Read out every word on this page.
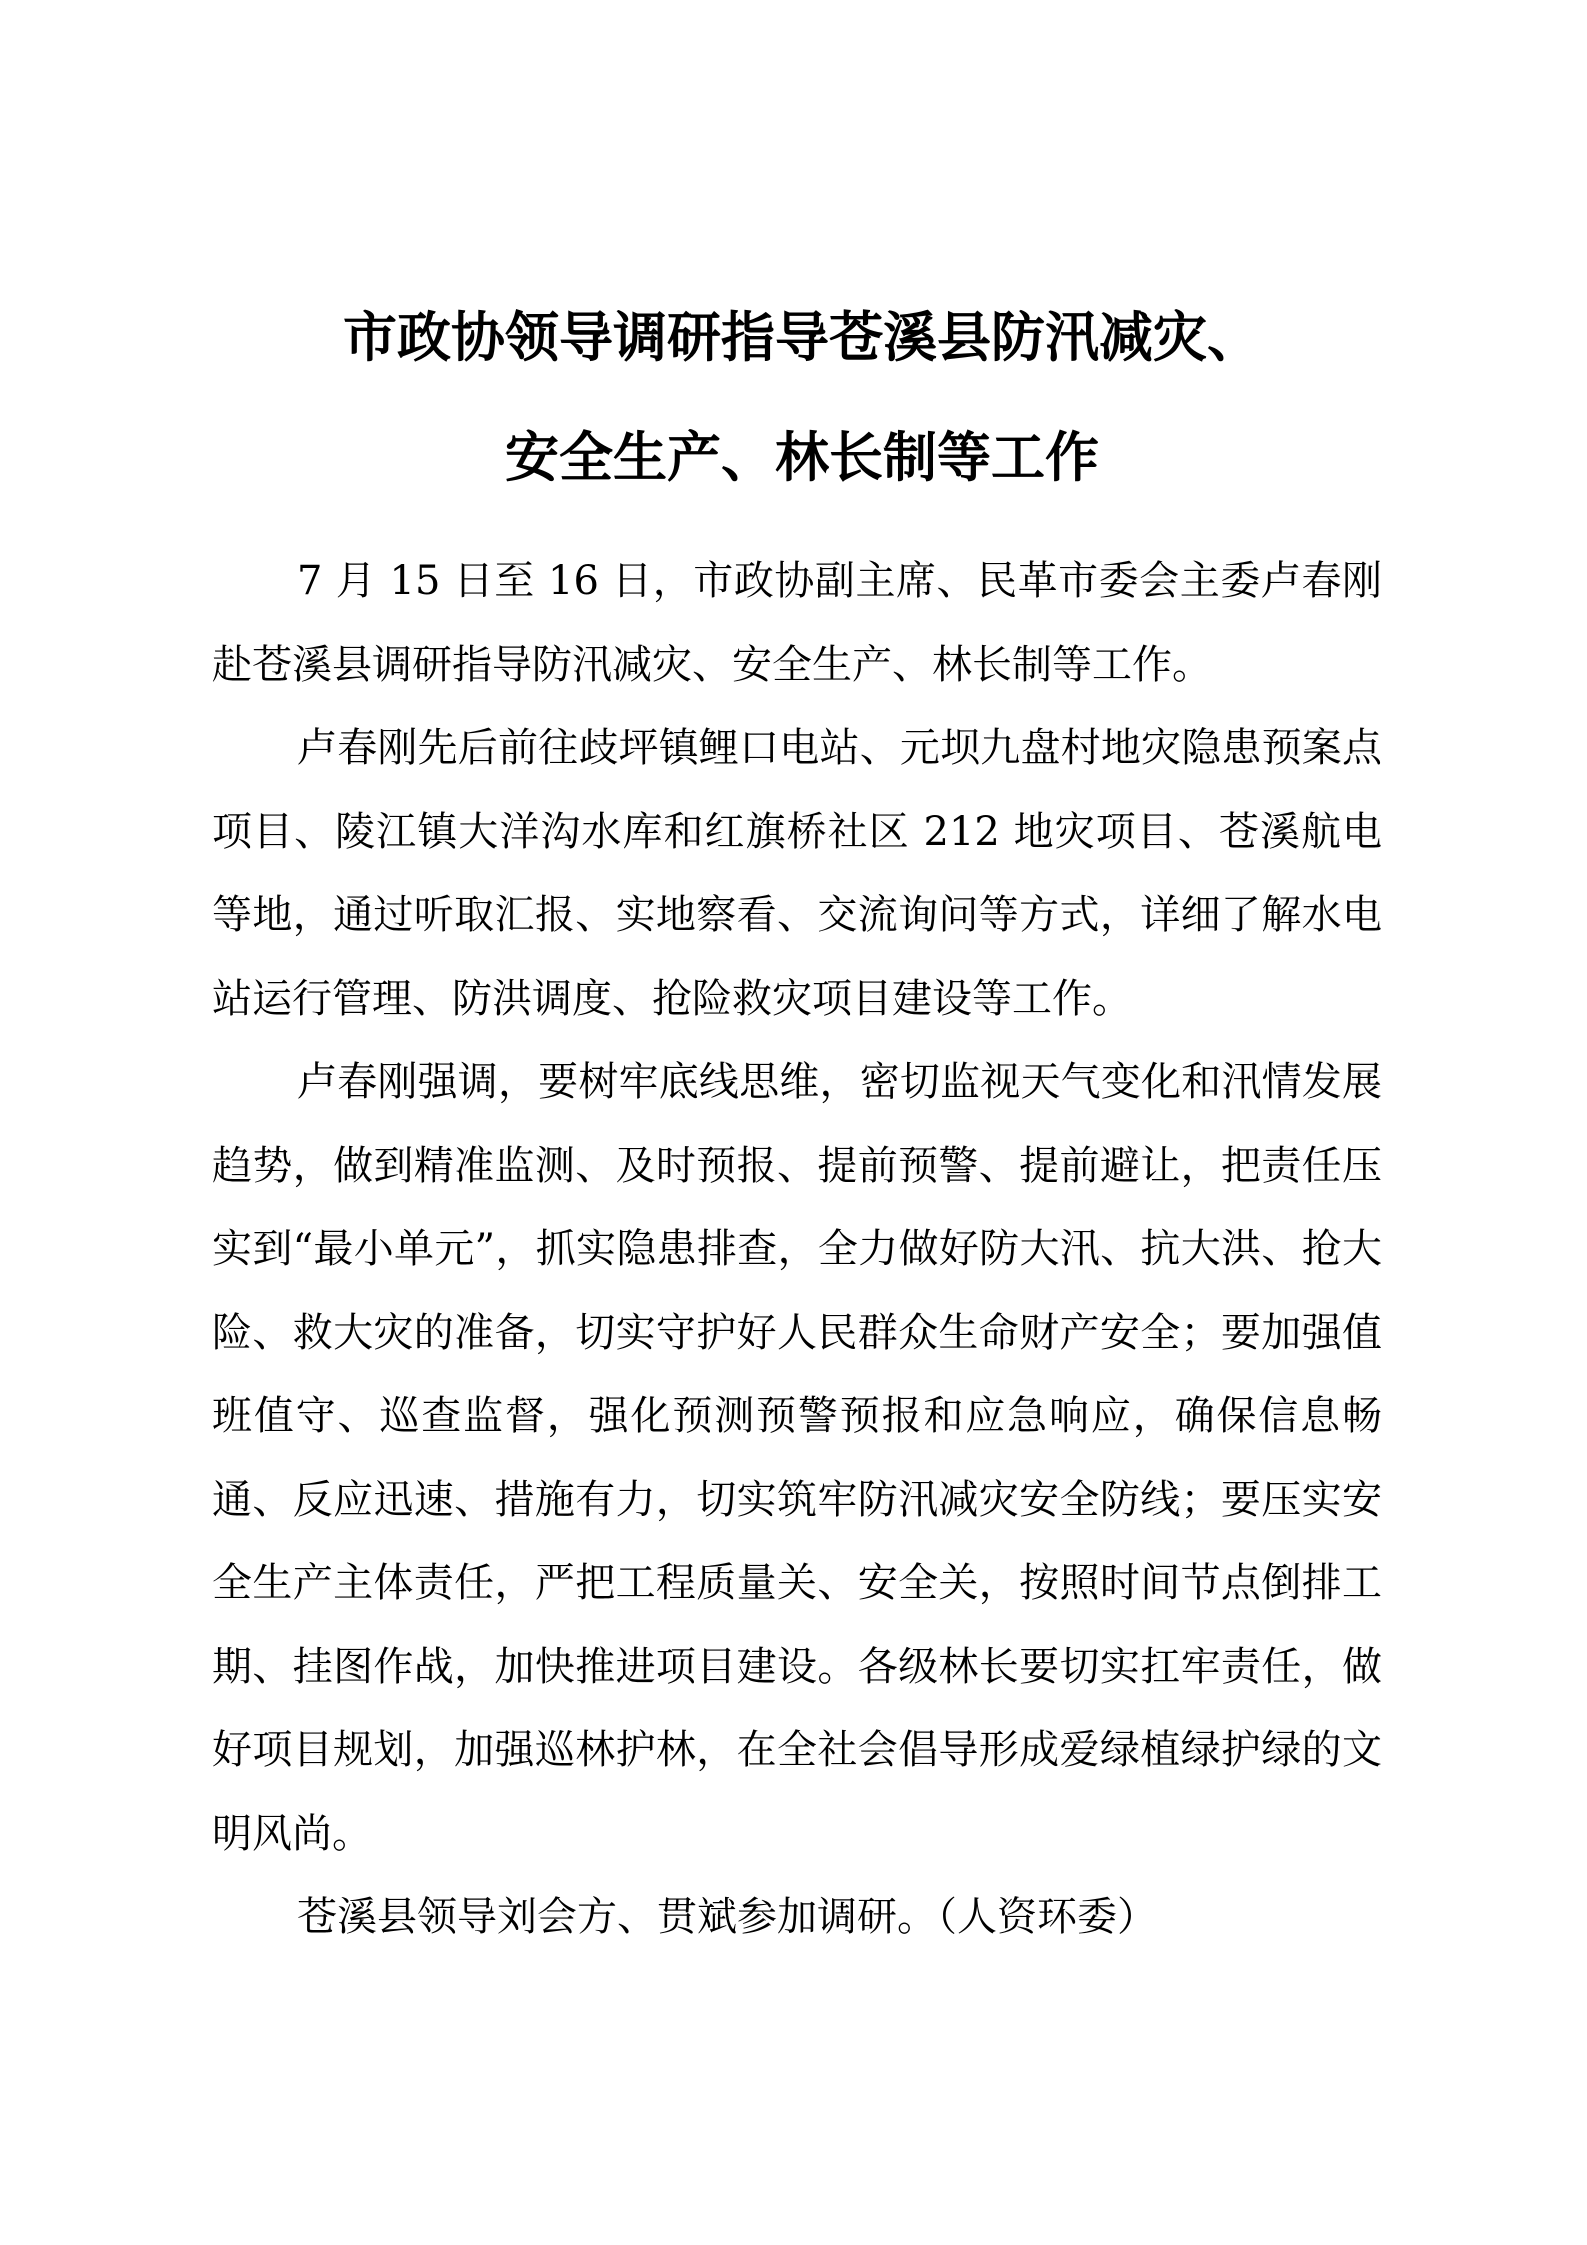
市政协领导调研指导苍溪县防汛减灾、
安全生产、林长制等工作

7 月 15 日至 16 日，市政协副主席、民革市委会主委卢春刚赴苍溪县调研指导防汛减灾、安全生产、林长制等工作。

卢春刚先后前往歧坪镇鲤口电站、元坝九盘村地灾隐患预案点项目、陵江镇大洋沟水库和红旗桥社区 212 地灾项目、苍溪航电等地，通过听取汇报、实地察看、交流询问等方式，详细了解水电站运行管理、防洪调度、抢险救灾项目建设等工作。

卢春刚强调，要树牢底线思维，密切监视天气变化和汛情发展趋势，做到精准监测、及时预报、提前预警、提前避让，把责任压实到“最小单元”，抓实隐患排查，全力做好防大汛、抗大洪、抢大险、救大灾的准备，切实守护好人民群众生命财产安全；要加强值班值守、巡查监督，强化预测预警预报和应急响应，确保信息畅通、反应迅速、措施有力，切实筑牢防汛减灾安全防线；要压实安全生产主体责任，严把工程质量关、安全关，按照时间节点倒排工期、挂图作战，加快推进项目建设。各级林长要切实扛牢责任，做好项目规划，加强巡林护林，在全社会倡导形成爱绿植绿护绿的文明风尚。

苍溪县领导刘会方、贯斌参加调研。（人资环委）
